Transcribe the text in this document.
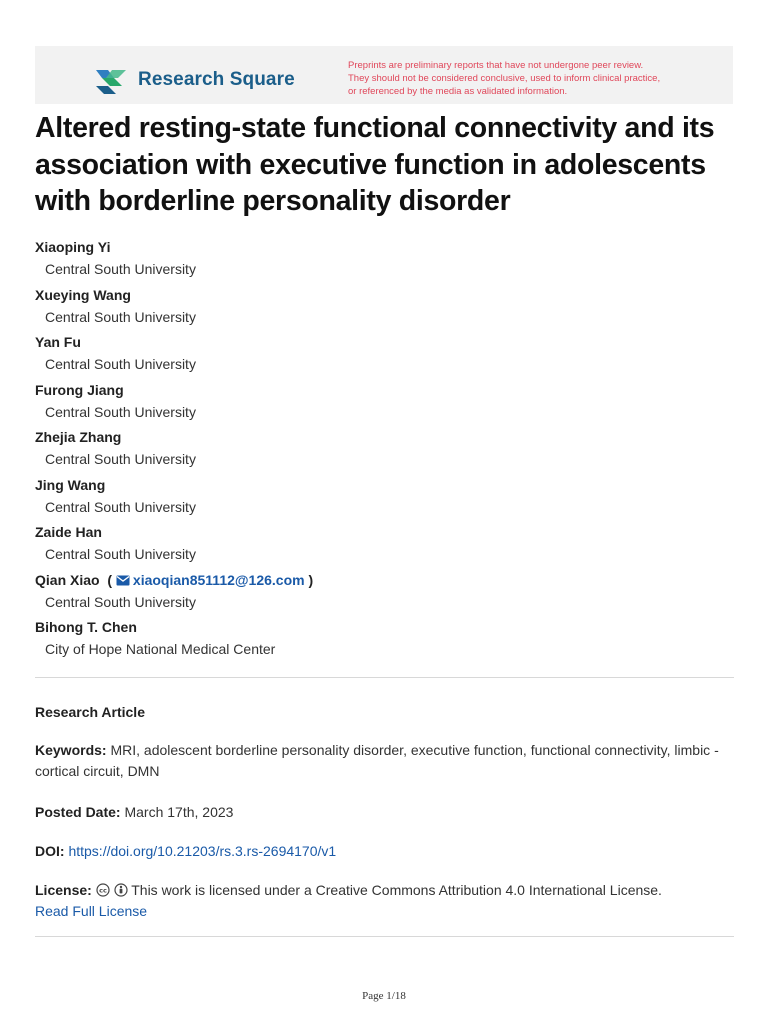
Research Square
Preprints are preliminary reports that have not undergone peer review.
They should not be considered conclusive, used to inform clinical practice,
or referenced by the media as validated information.
Altered resting-state functional connectivity and its association with executive function in adolescents with borderline personality disorder
Xiaoping Yi
Central South University
Xueying Wang
Central South University
Yan Fu
Central South University
Furong Jiang
Central South University
Zhejia Zhang
Central South University
Jing Wang
Central South University
Zaide Han
Central South University
Qian Xiao  ( xiaoqian851112@126.com )
Central South University
Bihong T. Chen
City of Hope National Medical Center
Research Article
Keywords: MRI, adolescent borderline personality disorder, executive function, functional connectivity, limbic - cortical circuit, DMN
Posted Date: March 17th, 2023
DOI: https://doi.org/10.21203/rs.3.rs-2694170/v1
License: cc This work is licensed under a Creative Commons Attribution 4.0 International License.
Read Full License
Page 1/18
